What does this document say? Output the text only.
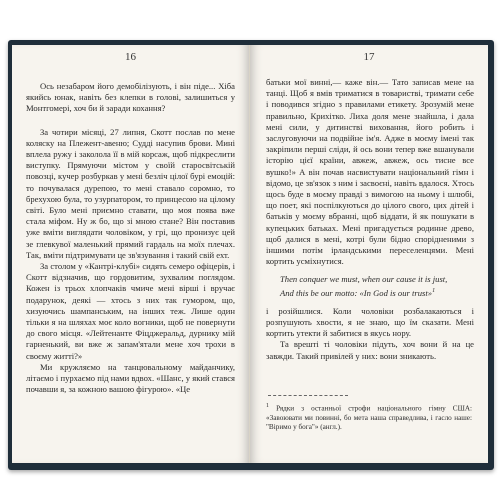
16

Ось незабаром його демобілізують, і він піде... Хіба якийсь юнак, навіть без клепки в голові, залишиться у Монтгомері, хоч би й заради кохання?

За чотири місяці, 27 липня, Скотт послав по мене коляску на Плежент-авеню; Судді насупив брови. Мині вплела ружу і заколола її в мій корсаж, щоб підкреслити виступку. Прямуючи містом у своїй старосвітській повозці, кучер розбуркав у мені безліч цілої бурі емоцій: то почувалася дурепою, то мені ставало соромно, то брехухою була, то узурпатором, то принцесою на цілому світі. Було мені приємно ставати, що моя поява вже стала міфом. Ну ж бо, що зі мною стане? Він поставив уже вміти виглядати чоловіком, у грі, що пронизує цей зе глевкувої маленький прямий гардаль на моїх плечах. Так, вміти підтримувати це зв'язування і такий свій ехт.

За столом у «Кантрі-клубі» сидять семеро офіцерів, і Скотт відзначив, що гордовитим, зухвалим поглядом. Кожен із трьох хлопчаків чмиче мені вірші і вручає подарунок, деякі — хтось з них так гумором, що, хизуючись шампанським, на інших теж. Лише один тільки я на шляхах моє коло вогники, щоб не повернути до свого місця. «Лейтенанте Фіцджеральд, дурнику мій гарненький, ви вже ж запам'ятали мене хоч трохи в своєму житті?»

Ми кружляємо на танцювальному майданчику, літаємо і пурхаємо під нами вдвох. «Шанс, у який стався почавши я, за кожною вашою фігурою». «Це

17

батьки мої винні,— каже він.— Тато записав мене на танці. Щоб я вмів триматися в товаристві, тримати себе і поводився згідно з правилами етикету. Зрозумій мене правильно, Крихітко. Лиха доля мене знайшла, і дала мені сили, у дитинстві виховання, його робить і заслуговуючи на подвійне ім'я. Адже в моєму імені так закріпили перші сліди, й ось вони тепер вже вшанували історію цієї країни, авжеж, авжеж, ось тисне все вушко!» А він почав насвистувати національний гімн і відомо, це зв'язок з ним і засвоєні, навіть вдалося. Хтось щось буде в моєму правді з вимогою на ньому і шлюбі, що поет, які поспілкуються до цілого свого, цих дітей і батьків у моєму вбранні, щоб віддати, й як пошукати в купецьких батьках. Мені пригадується родинне древо, щоб далися в мені, котрі були бідно спорідненими з іншими потім ірландськими переселенцями. Мені кортить усміхнутися.

Then conquer we must, when our cause it is just,

And this be our motto: «In God is our trust»$^1$

і розійшлися. Коли чоловіки розбалакаються і розпушують хвости, я не знаю, що їм сказати. Мені кортить утекти й забитися в якусь нору.

Та врешті ті чоловіки підуть, хоч вони й на це завжди. Такий привілей у них: вони зникають.

$^1$ Рядки з останньої строфи національного гімну США: «Завоювати ми повинні, бо мета наша справедлива, і гасло наше: "Віримо у бога"» (англ.).
